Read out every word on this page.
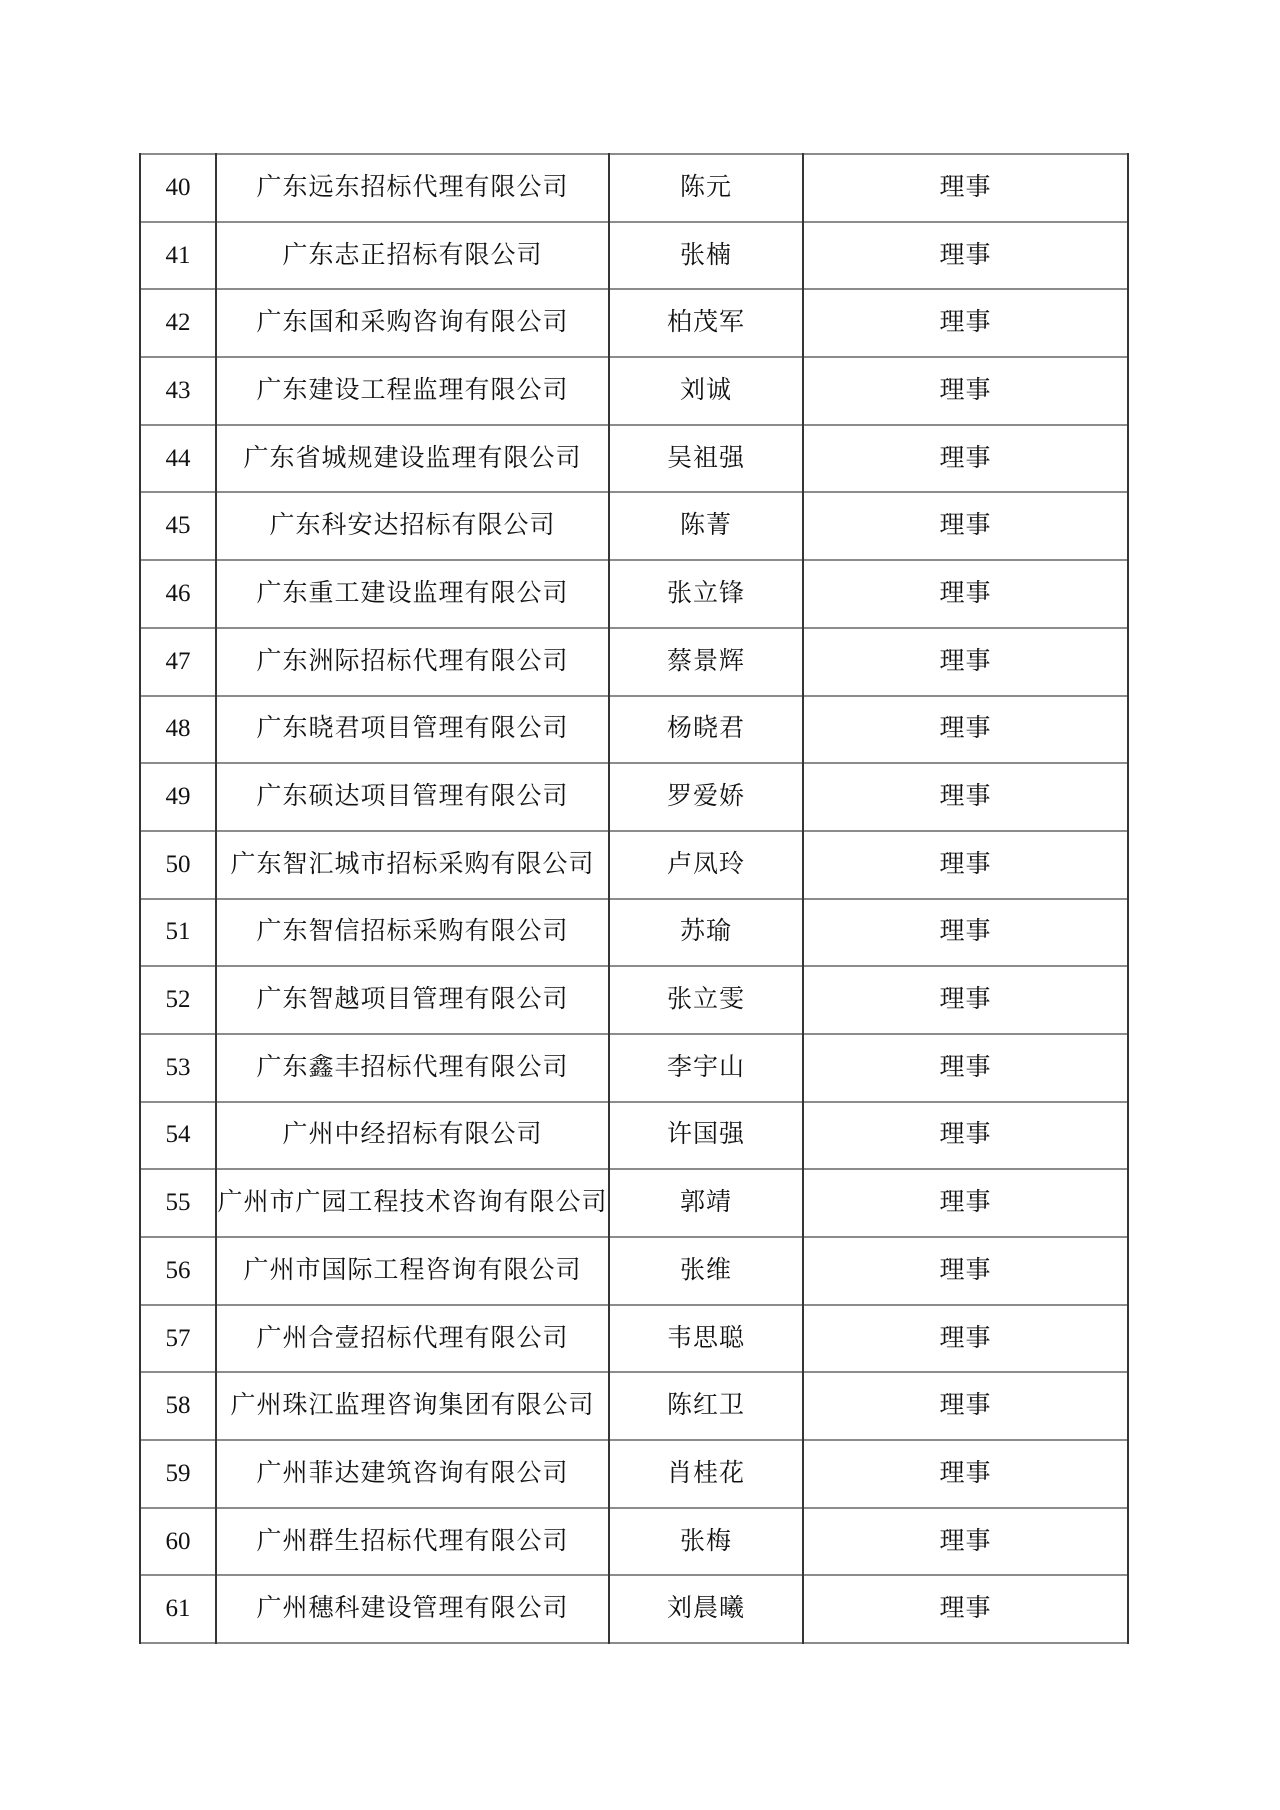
40	广东远东招标代理有限公司	陈元	理事
41	广东志正招标有限公司	张楠	理事
42	广东国和采购咨询有限公司	柏茂军	理事
43	广东建设工程监理有限公司	刘诚	理事
44	广东省城规建设监理有限公司	吴祖强	理事
45	广东科安达招标有限公司	陈菁	理事
46	广东重工建设监理有限公司	张立锋	理事
47	广东洲际招标代理有限公司	蔡景辉	理事
48	广东晓君项目管理有限公司	杨晓君	理事
49	广东硕达项目管理有限公司	罗爱娇	理事
50	广东智汇城市招标采购有限公司	卢凤玲	理事
51	广东智信招标采购有限公司	苏瑜	理事
52	广东智越项目管理有限公司	张立雯	理事
53	广东鑫丰招标代理有限公司	李宇山	理事
54	广州中经招标有限公司	许国强	理事
55	广州市广园工程技术咨询有限公司	郭靖	理事
56	广州市国际工程咨询有限公司	张维	理事
57	广州合壹招标代理有限公司	韦思聪	理事
58	广州珠江监理咨询集团有限公司	陈红卫	理事
59	广州菲达建筑咨询有限公司	肖桂花	理事
60	广州群生招标代理有限公司	张梅	理事
61	广州穗科建设管理有限公司	刘晨曦	理事
